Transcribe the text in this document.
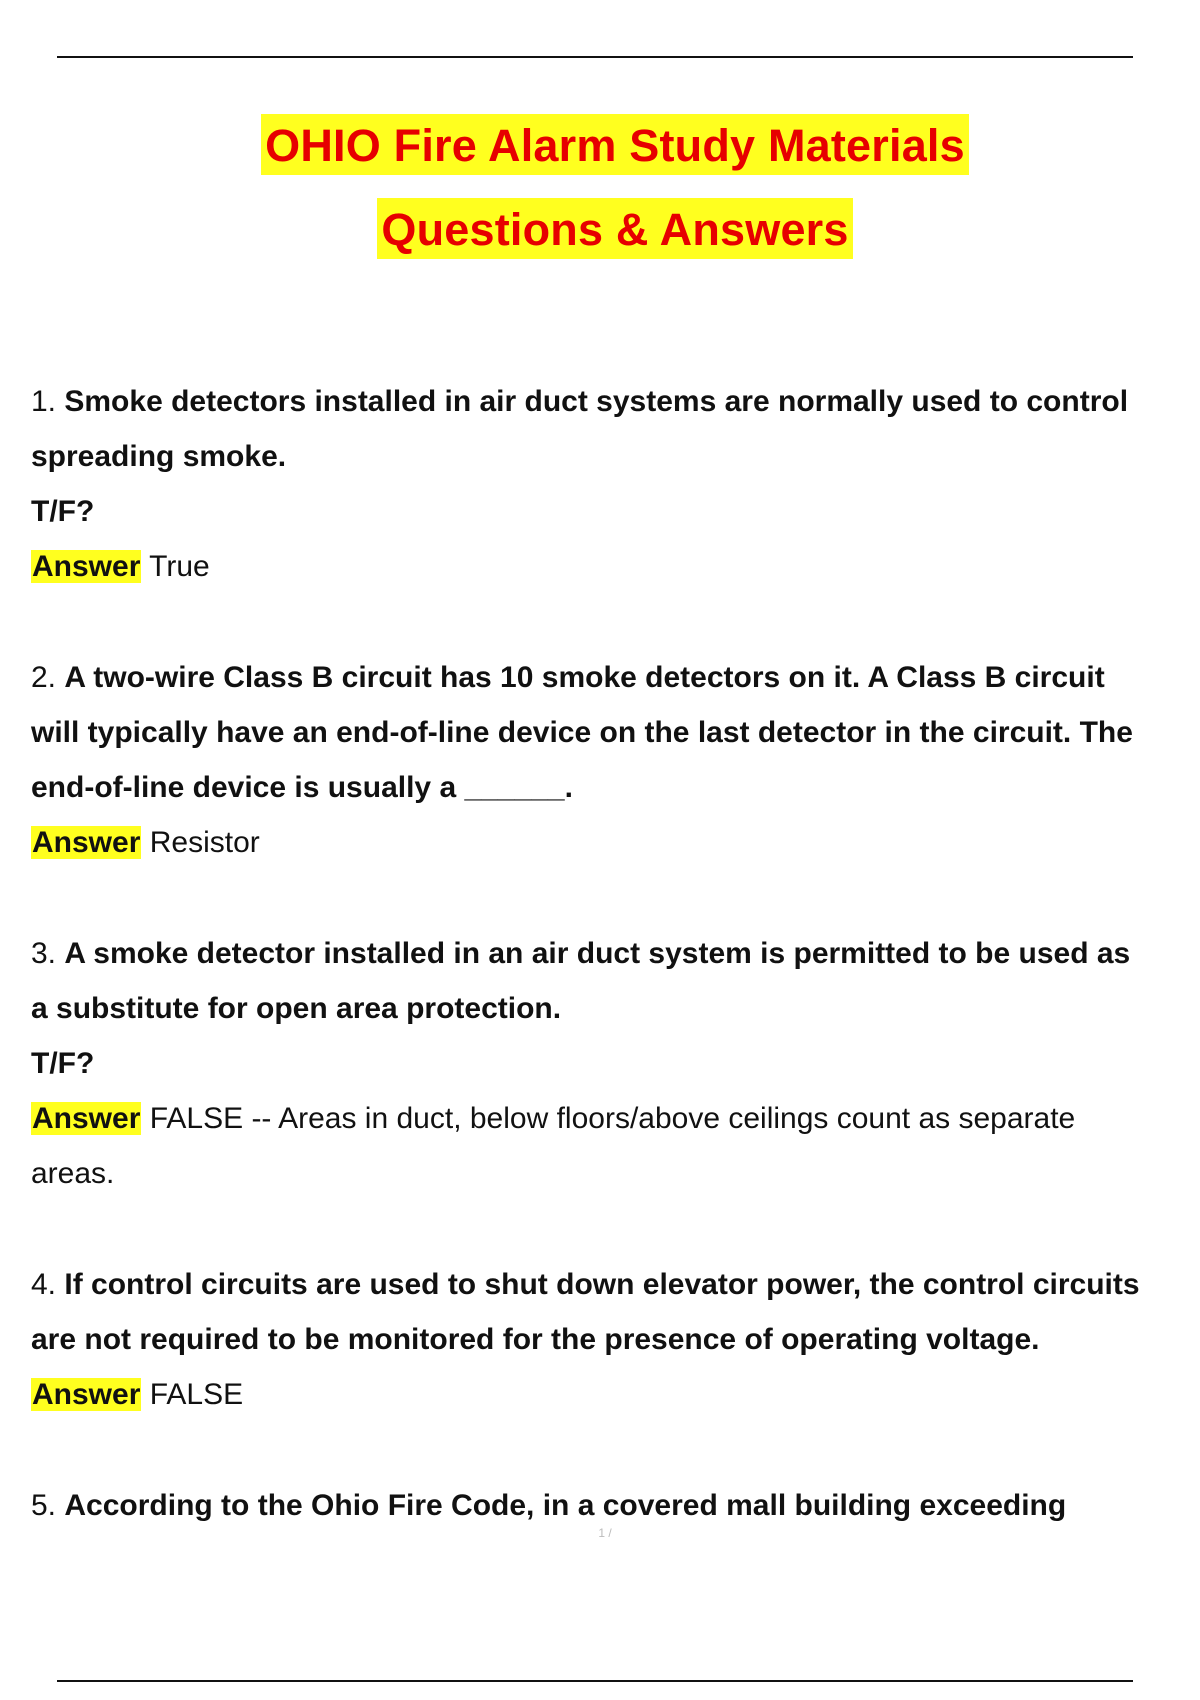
OHIO Fire Alarm Study Materials
Questions & Answers
1. Smoke detectors installed in air duct systems are normally used to control
spreading smoke.
T/F?
Answer True
2. A two-wire Class B circuit has 10 smoke detectors on it. A Class B circuit
will typically have an end-of-line device on the last detector in the circuit. The
end-of-line device is usually a ______.
Answer Resistor
3. A smoke detector installed in an air duct system is permitted to be used as
a substitute for open area protection.
T/F?
Answer FALSE -- Areas in duct, below floors/above ceilings count as separate
areas.
4. If control circuits are used to shut down elevator power, the control circuits
are not required to be monitored for the presence of operating voltage.
Answer FALSE
5. According to the Ohio Fire Code, in a covered mall building exceeding
1 /
